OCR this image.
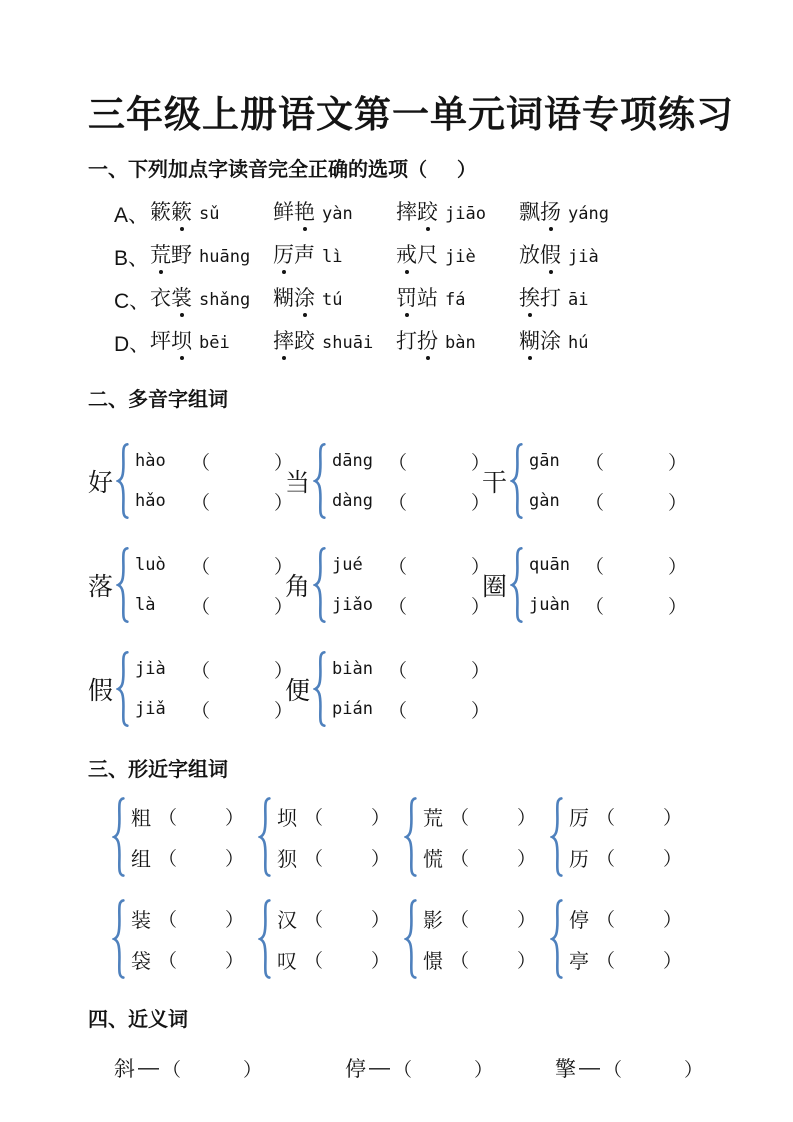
三年级上册语文第一单元词语专项练习
一、下列加点字读音完全正确的选项（ ）
A、 簌簌 sǔ	鲜艳 yàn	摔跤 jiāo	飘扬 yáng
B、 荒野 huāng	厉声 lì	戒尺 jiè	放假 jià
C、 衣裳 shǎng	糊涂 tú	罚站 fá	挨打 āi
D、 坪坝 bēi	摔跤 shuāi	打扮 bàn	糊涂 hú
二、多音字组词
好
hào	（	）
hǎo	（	）
当
dāng （	）
dàng （	）
干
gān	（	）
gàn	（	）
落
luò	（	）
là	（	）
角
jué	（	）
jiǎo （	）
圈
quān （	）
juàn （	）
假
jià	（	）
jiǎ	（	）
便
biàn （	）
pián （	）
三、形近字组词
粗 （	）
组 （	）
坝 （	）
狈 （	）
荒 （	）
慌 （	）
厉 （	）
历 （	）
装 （	）
袋 （	）
汉 （	）
叹 （	）
影 （	）
憬 （	）
停 （	）
亭 （	）
四、近义词
斜 — （	）	停 — （	）	擎 — （	）
